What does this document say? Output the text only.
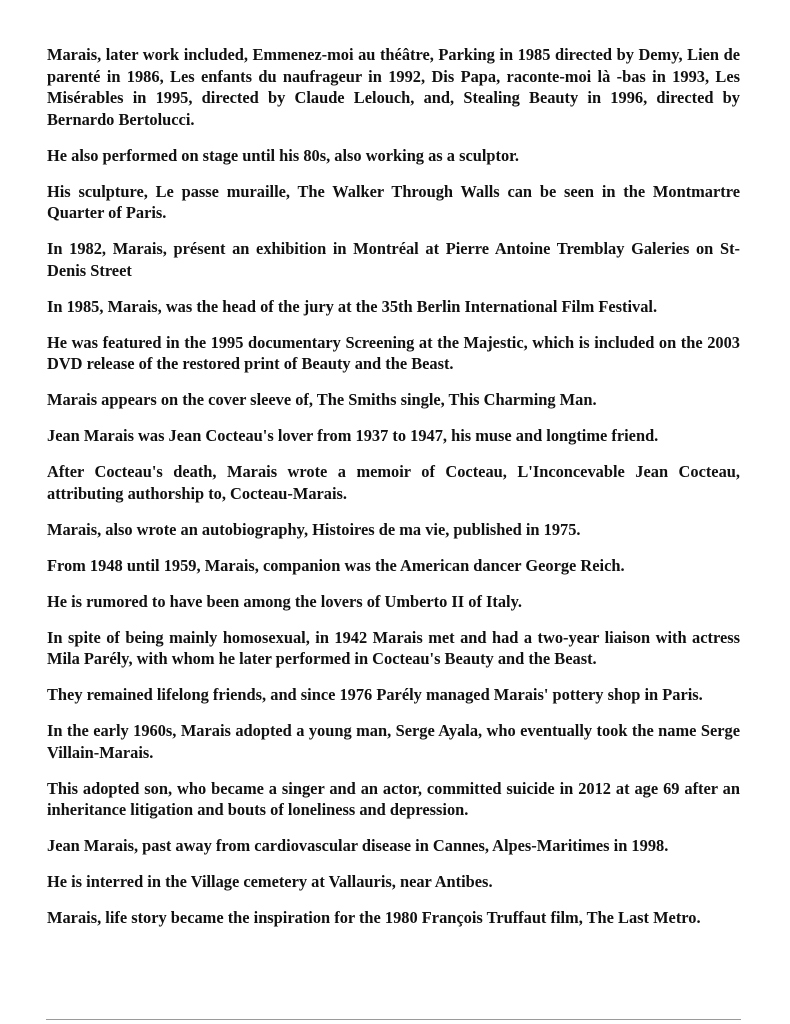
Marais, later work included, Emmenez-moi au théâtre, Parking in 1985 directed by Demy, Lien de parenté in 1986, Les enfants du naufrageur in 1992, Dis Papa, raconte-moi là -bas in 1993, Les Misérables in 1995, directed by Claude Lelouch, and, Stealing Beauty in 1996, directed by Bernardo Bertolucci.

He also performed on stage until his 80s, also working as a sculptor.

His sculpture, Le passe muraille, The Walker Through Walls can be seen in the Montmartre Quarter of Paris.

In 1982, Marais, présent an exhibition in Montréal at Pierre Antoine Tremblay Galeries on St-Denis Street

In 1985, Marais, was the head of the jury at the 35th Berlin International Film Festival.

He was featured in the 1995 documentary Screening at the Majestic, which is included on the 2003 DVD release of the restored print of Beauty and the Beast.

Marais appears on the cover sleeve of, The Smiths single, This Charming Man.

Jean Marais was Jean Cocteau's lover from 1937 to 1947, his muse and longtime friend.

After Cocteau's death, Marais wrote a memoir of Cocteau, L'Inconcevable Jean Cocteau, attributing authorship to, Cocteau-Marais.

Marais, also wrote an autobiography, Histoires de ma vie, published in 1975.

From 1948 until 1959, Marais, companion was the American dancer George Reich.

He is rumored to have been among the lovers of Umberto II of Italy.

In spite of being mainly homosexual, in 1942 Marais met and had a two-year liaison with actress Mila Parély, with whom he later performed in Cocteau's Beauty and the Beast.

They remained lifelong friends, and since 1976 Parély managed Marais' pottery shop in Paris.

In the early 1960s, Marais adopted a young man, Serge Ayala, who eventually took the name Serge Villain-Marais.

This adopted son, who became a singer and an actor, committed suicide in 2012 at age 69 after an inheritance litigation and bouts of loneliness and depression.

Jean Marais, past away from cardiovascular disease in Cannes, Alpes-Maritimes in 1998.

He is interred in the Village cemetery at Vallauris, near Antibes.

Marais, life story became the inspiration for the 1980 François Truffaut film, The Last Metro.
